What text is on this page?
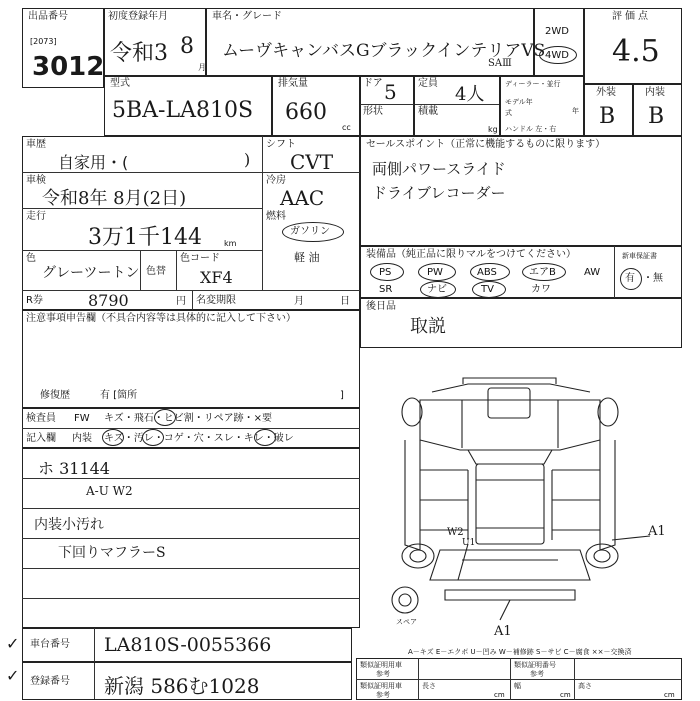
出品番号
[2073]
3012
初度登録年月
令和3 8
月
車名・グレード
ムーヴキャンバスGブラックインテリアVS
SAⅢ
2WD
4WD
評価点
4.5
型式
5BA-LA810S
排気量
660
cc
ドア 5
形状
定員
4人
積載
kg
ディーラー・並行
モデル年式	年
ハンドル 左・右
外装	内装
B B
車歴
自家用・(	)
シフト
CVT
車検
令和8年 8月(2日)
冷房
AAC
走行
3万1千144	km
燃料
ガソリン
軽 油
色
グレーツートン 色替
色コード
XF4
R券	8790	円 名変期限	月	日
セールスポイント（正常に機能するものに限ります）
両側パワースライド
ドライブレコーダー
装備品（純正品に限りマルをつけてください）	新車保証書
有 ・無
PS	PW	ABS	エアB	AW
SR	ナビ	TV	カワ
注意事項申告欄（不具合内容等は具体的に記入して下さい）
修復歴	有 [箇所	]
後日品
取説
検査員
記入欄
FW キズ・飛石・ヒビ割・リペア跡・×要
内装 キズ・汚レ・コゲ・穴・スレ・キレ・破レ
ホ 31144
A-U W2
内装小汚れ
下回りマフラーS
スペア
W2
U1
A1
A1
A－キズ E－エクボ U－凹み W－補修跡 S－サビ C－腐食 ××－交換済
✓
✓
車台番号 LA810S-0055366
登録番号 新潟 586む1028
類似証明用車
参考
類似証明番号
参考
類似証明用車
参考
長さ
cm
幅
cm
高さ
cm
